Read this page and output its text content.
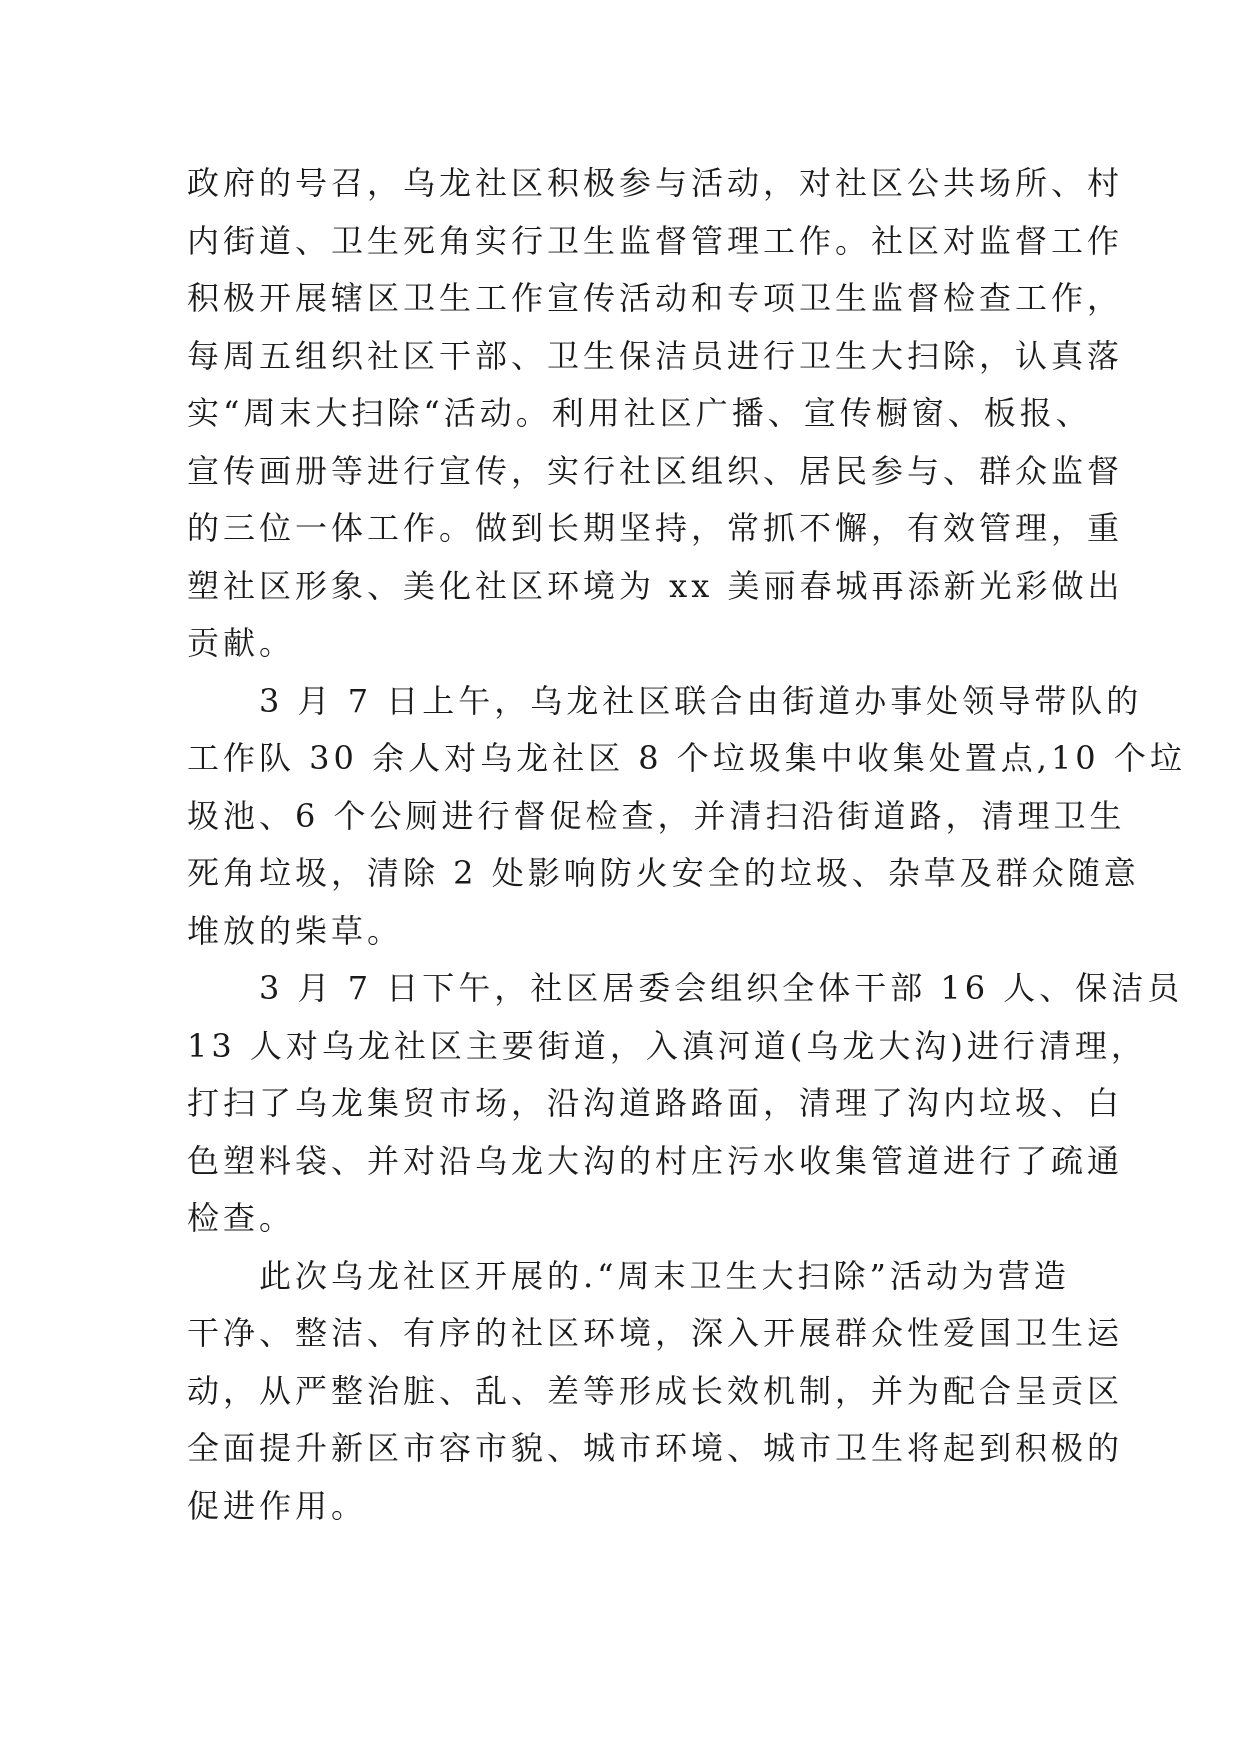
政府的号召，乌龙社区积极参与活动，对社区公共场所、村
内街道、卫生死角实行卫生监督管理工作。社区对监督工作
积极开展辖区卫生工作宣传活动和专项卫生监督检查工作，
每周五组织社区干部、卫生保洁员进行卫生大扫除，认真落
实“周末大扫除“活动。利用社区广播、宣传橱窗、板报、
宣传画册等进行宣传，实行社区组织、居民参与、群众监督
的三位一体工作。做到长期坚持，常抓不懈，有效管理，重
塑社区形象、美化社区环境为 xx 美丽春城再添新光彩做出
贡献。
3 月 7 日上午，乌龙社区联合由街道办事处领导带队的
工作队 30 余人对乌龙社区 8 个垃圾集中收集处置点,10 个垃
圾池、6 个公厕进行督促检查，并清扫沿街道路，清理卫生
死角垃圾，清除 2 处影响防火安全的垃圾、杂草及群众随意
堆放的柴草。
3 月 7 日下午，社区居委会组织全体干部 16 人、保洁员
13 人对乌龙社区主要街道，入滇河道(乌龙大沟)进行清理，
打扫了乌龙集贸市场，沿沟道路路面，清理了沟内垃圾、白
色塑料袋、并对沿乌龙大沟的村庄污水收集管道进行了疏通
检查。
此次乌龙社区开展的.“周末卫生大扫除”活动为营造
干净、整洁、有序的社区环境，深入开展群众性爱国卫生运
动，从严整治脏、乱、差等形成长效机制，并为配合呈贡区
全面提升新区市容市貌、城市环境、城市卫生将起到积极的
促进作用。
